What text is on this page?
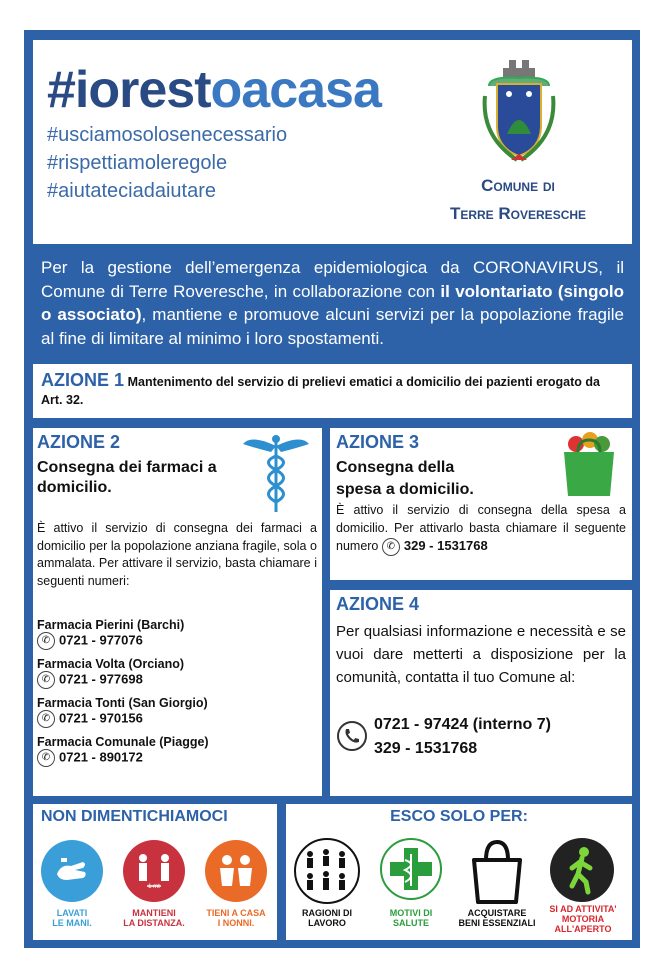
#iorestoacasa
#usciamosolosenecessario
#rispettiamoleregole
#aiutateciadaiutare	Comune di
Terre Roveresche
Per la gestione dell’emergenza epidemiologica da CORONAVIRUS, il Comune di Terre Roveresche, in collaborazione con il volontariato (singolo o associato), mantiene e promuove alcuni servizi per la popolazione fragile al fine di limitare al minimo i loro spostamenti.
AZIONE 1 Mantenimento del servizio di prelievi ematici a domicilio dei pazienti erogato da Art. 32.
AZIONE 2
Consegna dei farmaci a domicilio.
È attivo il servizio di consegna dei farmaci a domicilio per la popolazione anziana fragile, sola o ammalata. Per attivare il servizio, basta chiamare i seguenti numeri:
Farmacia Pierini (Barchi)
✆ 0721 - 977076
Farmacia Volta (Orciano)
✆ 0721 - 977698
Farmacia Tonti (San Giorgio)
✆ 0721 - 970156
Farmacia Comunale (Piagge)
✆ 0721 - 890172
AZIONE 3
Consegna della
spesa a domicilio.
È attivo il servizio di consegna della spesa a domicilio. Per attivarlo basta chiamare il seguente numero ✆ 329 - 1531768
AZIONE 4
Per qualsiasi informazione e necessità e se vuoi dare metterti a disposizione per la comunità, contatta il tuo Comune al:
0721 - 97424 (interno 7)
329 - 1531768
NON DIMENTICHIAMOCI
LAVATI
LE MANI.
1 mt
MANTIENI
LA DISTANZA.
TIENI A CASA
I NONNI.
ESCO SOLO PER:
RAGIONI DI
LAVORO
MOTIVI DI
SALUTE
ACQUISTARE
BENI ESSENZIALI
SI AD ATTIVITA'
MOTORIA
ALL'APERTO
